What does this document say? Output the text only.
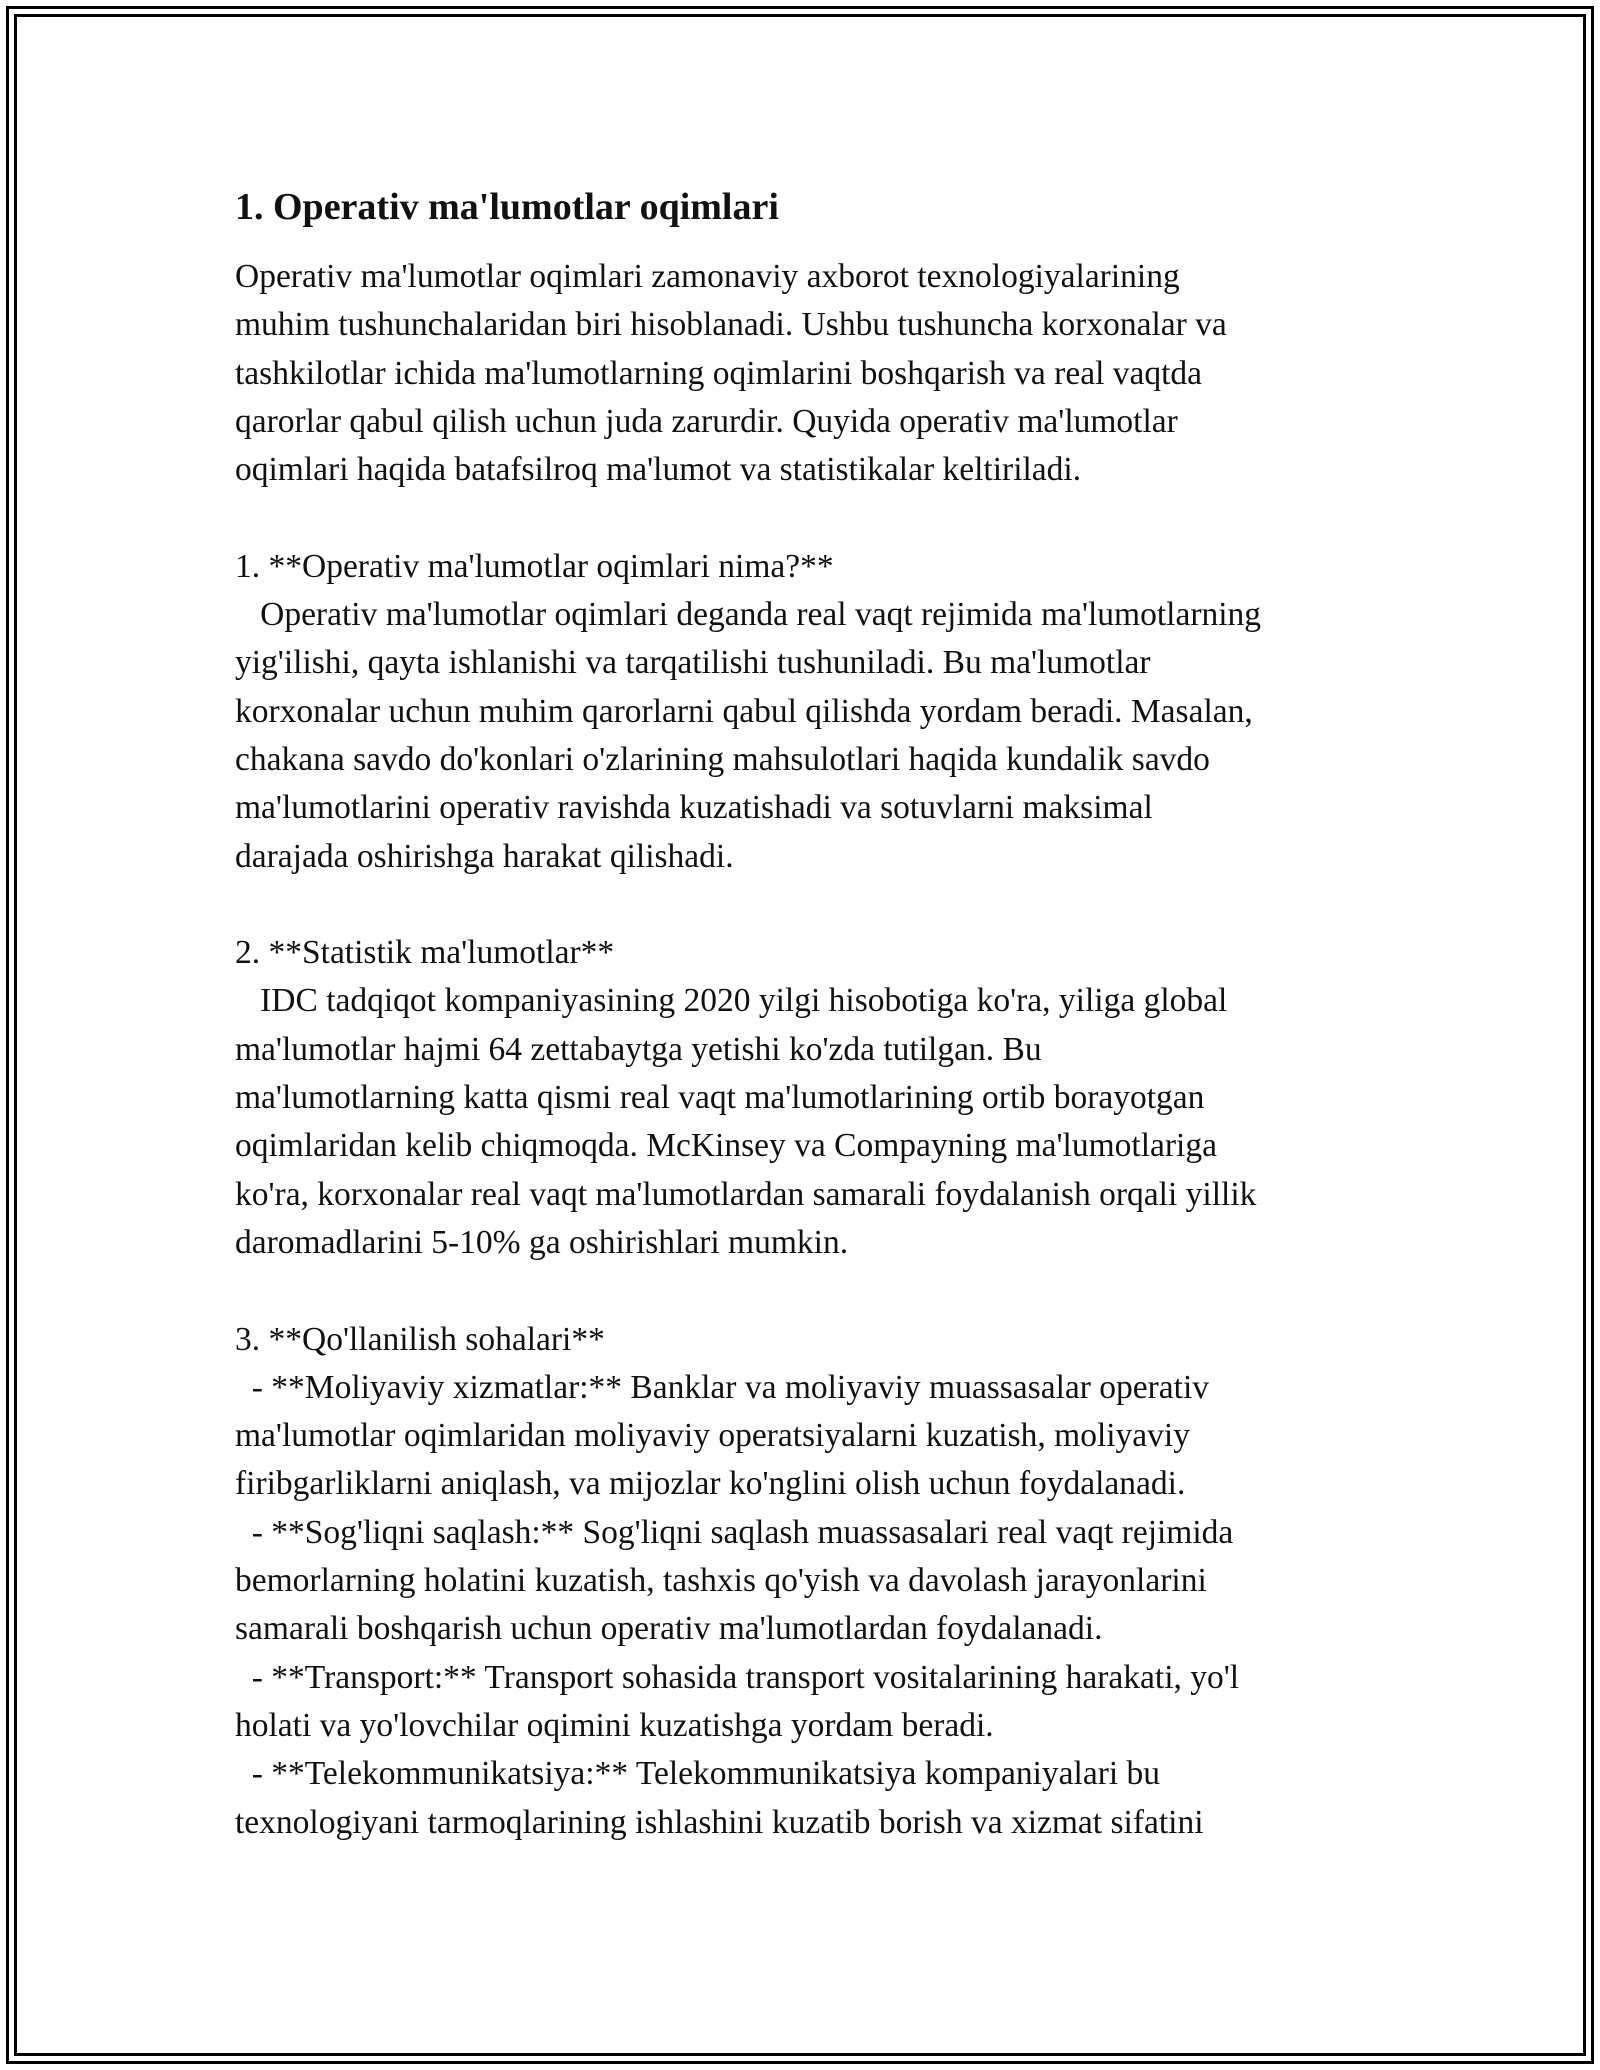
1. Operativ ma'lumotlar oqimlari

Operativ ma'lumotlar oqimlari zamonaviy axborot texnologiyalarining
muhim tushunchalaridan biri hisoblanadi. Ushbu tushuncha korxonalar va
tashkilotlar ichida ma'lumotlarning oqimlarini boshqarish va real vaqtda
qarorlar qabul qilish uchun juda zarurdir. Quyida operativ ma'lumotlar
oqimlari haqida batafsilroq ma'lumot va statistikalar keltiriladi.

1. **Operativ ma'lumotlar oqimlari nima?**
Operativ ma'lumotlar oqimlari deganda real vaqt rejimida ma'lumotlarning
yig'ilishi, qayta ishlanishi va tarqatilishi tushuniladi. Bu ma'lumotlar
korxonalar uchun muhim qarorlarni qabul qilishda yordam beradi. Masalan,
chakana savdo do'konlari o'zlarining mahsulotlari haqida kundalik savdo
ma'lumotlarini operativ ravishda kuzatishadi va sotuvlarni maksimal
darajada oshirishga harakat qilishadi.

2. **Statistik ma'lumotlar**
IDC tadqiqot kompaniyasining 2020 yilgi hisobotiga ko'ra, yiliga global
ma'lumotlar hajmi 64 zettabaytga yetishi ko'zda tutilgan. Bu
ma'lumotlarning katta qismi real vaqt ma'lumotlarining ortib borayotgan
oqimlaridan kelib chiqmoqda. McKinsey va Compayning ma'lumotlariga
ko'ra, korxonalar real vaqt ma'lumotlardan samarali foydalanish orqali yillik
daromadlarini 5-10% ga oshirishlari mumkin.

3. **Qo'llanilish sohalari**
- **Moliyaviy xizmatlar:** Banklar va moliyaviy muassasalar operativ
ma'lumotlar oqimlaridan moliyaviy operatsiyalarni kuzatish, moliyaviy
firibgarliklarni aniqlash, va mijozlar ko'nglini olish uchun foydalanadi.
- **Sog'liqni saqlash:** Sog'liqni saqlash muassasalari real vaqt rejimida
bemorlarning holatini kuzatish, tashxis qo'yish va davolash jarayonlarini
samarali boshqarish uchun operativ ma'lumotlardan foydalanadi.
- **Transport:** Transport sohasida transport vositalarining harakati, yo'l
holati va yo'lovchilar oqimini kuzatishga yordam beradi.
- **Telekommunikatsiya:** Telekommunikatsiya kompaniyalari bu
texnologiyani tarmoqlarining ishlashini kuzatib borish va xizmat sifatini
